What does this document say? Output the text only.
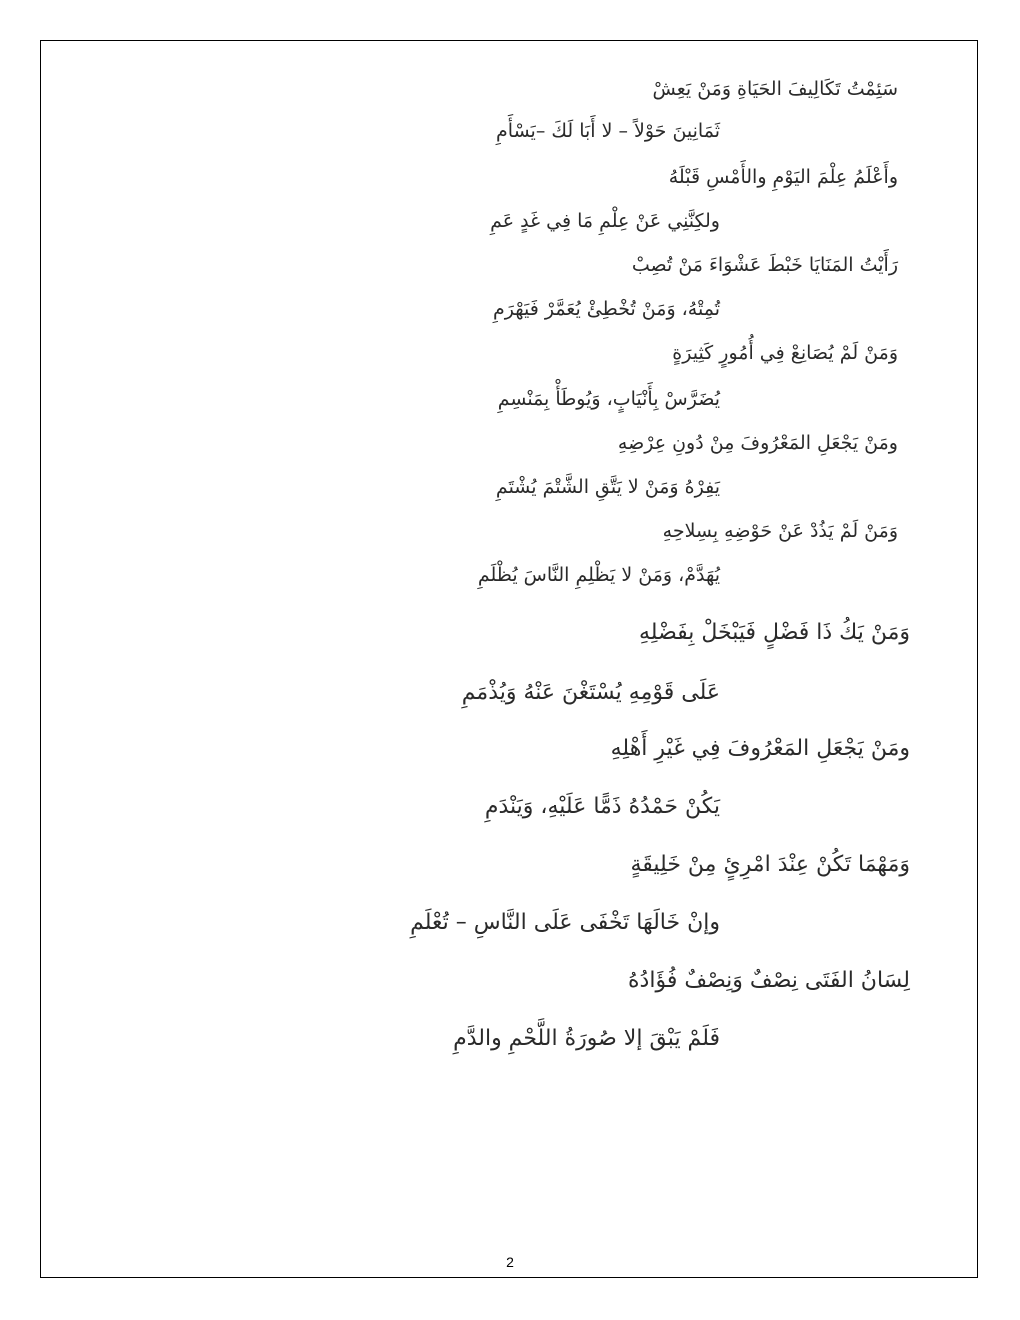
سَئِمْتُ تَكَالِيفَ الحَيَاةِ وَمَنْ يَعِشْ
ثَمَانِينَ حَوْلاً – لا أَبَا لَكَ –يَسْأَمِ
وأَعْلَمُ عِلْمَ اليَوْمِ والأَمْسِ قَبْلَهُ
ولكِنَّنِي عَنْ عِلْمِ مَا فِي غَدٍ عَمِ
رَأَيْتُ المَنَايَا خَبْطَ عَشْوَاءَ مَنْ تُصِبْ
تُمِتْهُ، وَمَنْ تُخْطِئْ يُعَمَّرْ فَيَهْرَمِ
وَمَنْ لَمْ يُصَانِعْ فِي أُمُورٍ كَثِيرَةٍ
يُضَرَّسْ بِأَنْيَابٍ، وَيُوطَأْ بِمَنْسِمِ
ومَنْ يَجْعَلِ المَعْرُوفَ مِنْ دُونِ عِرْضِهِ
يَفِرْهُ وَمَنْ لا يَتَّقِ الشَّتْمَ يُشْتَمِ
وَمَنْ لَمْ يَذُدْ عَنْ حَوْضِهِ بِسِلاحِهِ
يُهَدَّمْ، وَمَنْ لا يَظْلِمِ النَّاسَ يُظْلَمِ
وَمَنْ يَكُ ذَا فَضْلٍ فَيَبْخَلْ بِفَضْلِهِ
عَلَى قَوْمِهِ يُسْتَغْنَ عَنْهُ وَيُذْمَمِ
ومَنْ يَجْعَلِ المَعْرُوفَ فِي غَيْرِ أَهْلِهِ
يَكُنْ حَمْدُهُ ذَمًّا عَلَيْهِ، وَيَنْدَمِ
وَمَهْمَا تَكُنْ عِنْدَ امْرِئٍ مِنْ خَلِيقَةٍ
وإنْ خَالَهَا تَخْفَى عَلَى النَّاسِ – تُعْلَمِ
لِسَانُ الفَتَى نِصْفٌ وَنِصْفٌ فُؤَادُهُ
فَلَمْ يَبْقَ إلا صُورَةُ اللَّحْمِ والدَّمِ
2
